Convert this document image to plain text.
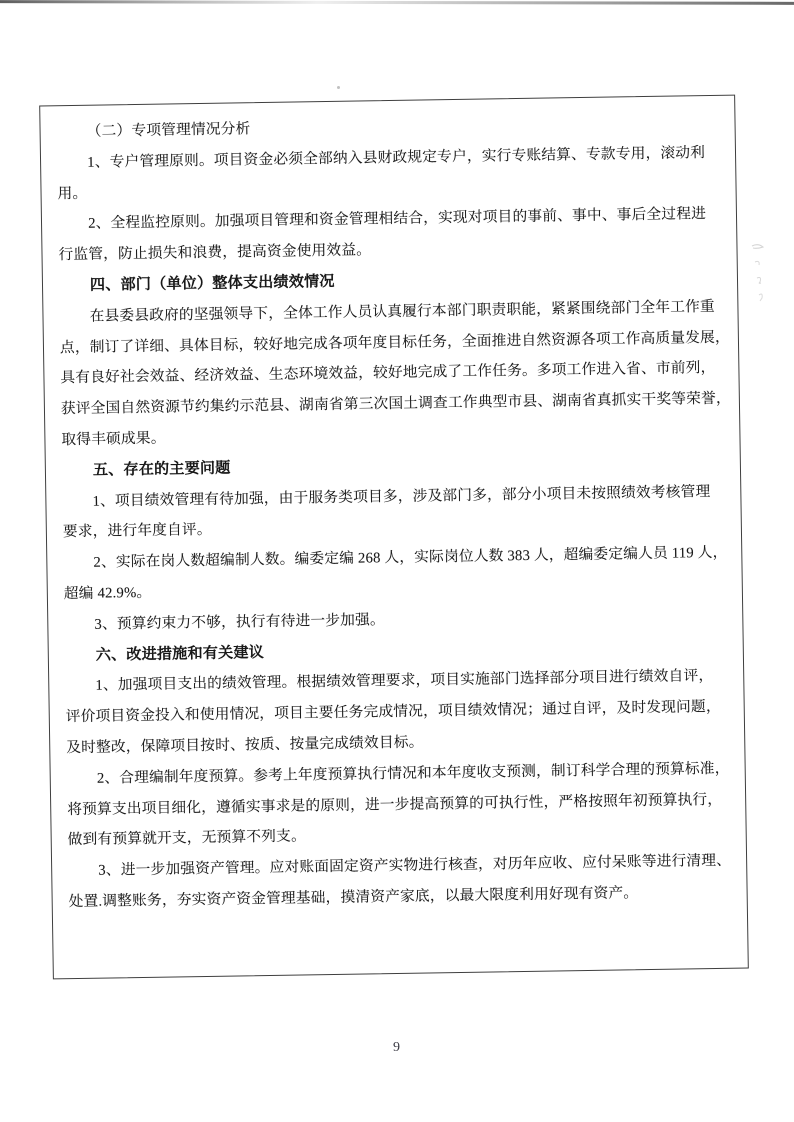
（二）专项管理情况分析
1、专户管理原则。项目资金必须全部纳入县财政规定专户，实行专账结算、专款专用，滚动利
用。
2、全程监控原则。加强项目管理和资金管理相结合，实现对项目的事前、事中、事后全过程进
行监管，防止损失和浪费，提高资金使用效益。
四、部门（单位）整体支出绩效情况
在县委县政府的坚强领导下，全体工作人员认真履行本部门职责职能，紧紧围绕部门全年工作重
点，制订了详细、具体目标，较好地完成各项年度目标任务，全面推进自然资源各项工作高质量发展，
具有良好社会效益、经济效益、生态环境效益，较好地完成了工作任务。多项工作进入省、市前列，
获评全国自然资源节约集约示范县、湖南省第三次国土调查工作典型市县、湖南省真抓实干奖等荣誉，
取得丰硕成果。
五、存在的主要问题
1、项目绩效管理有待加强，由于服务类项目多，涉及部门多，部分小项目未按照绩效考核管理
要求，进行年度自评。
2、实际在岗人数超编制人数。编委定编 268 人，实际岗位人数 383 人，超编委定编人员 119 人，
超编 42.9%。
3、预算约束力不够，执行有待进一步加强。
六、改进措施和有关建议
1、加强项目支出的绩效管理。根据绩效管理要求，项目实施部门选择部分项目进行绩效自评，
评价项目资金投入和使用情况，项目主要任务完成情况，项目绩效情况；通过自评，及时发现问题，
及时整改，保障项目按时、按质、按量完成绩效目标。
2、合理编制年度预算。参考上年度预算执行情况和本年度收支预测，制订科学合理的预算标准，
将预算支出项目细化，遵循实事求是的原则，进一步提高预算的可执行性，严格按照年初预算执行，
做到有预算就开支，无预算不列支。
3、进一步加强资产管理。应对账面固定资产实物进行核查，对历年应收、应付呆账等进行清理、
处置.调整账务，夯实资产资金管理基础，摸清资产家底，以最大限度利用好现有资产。
9
